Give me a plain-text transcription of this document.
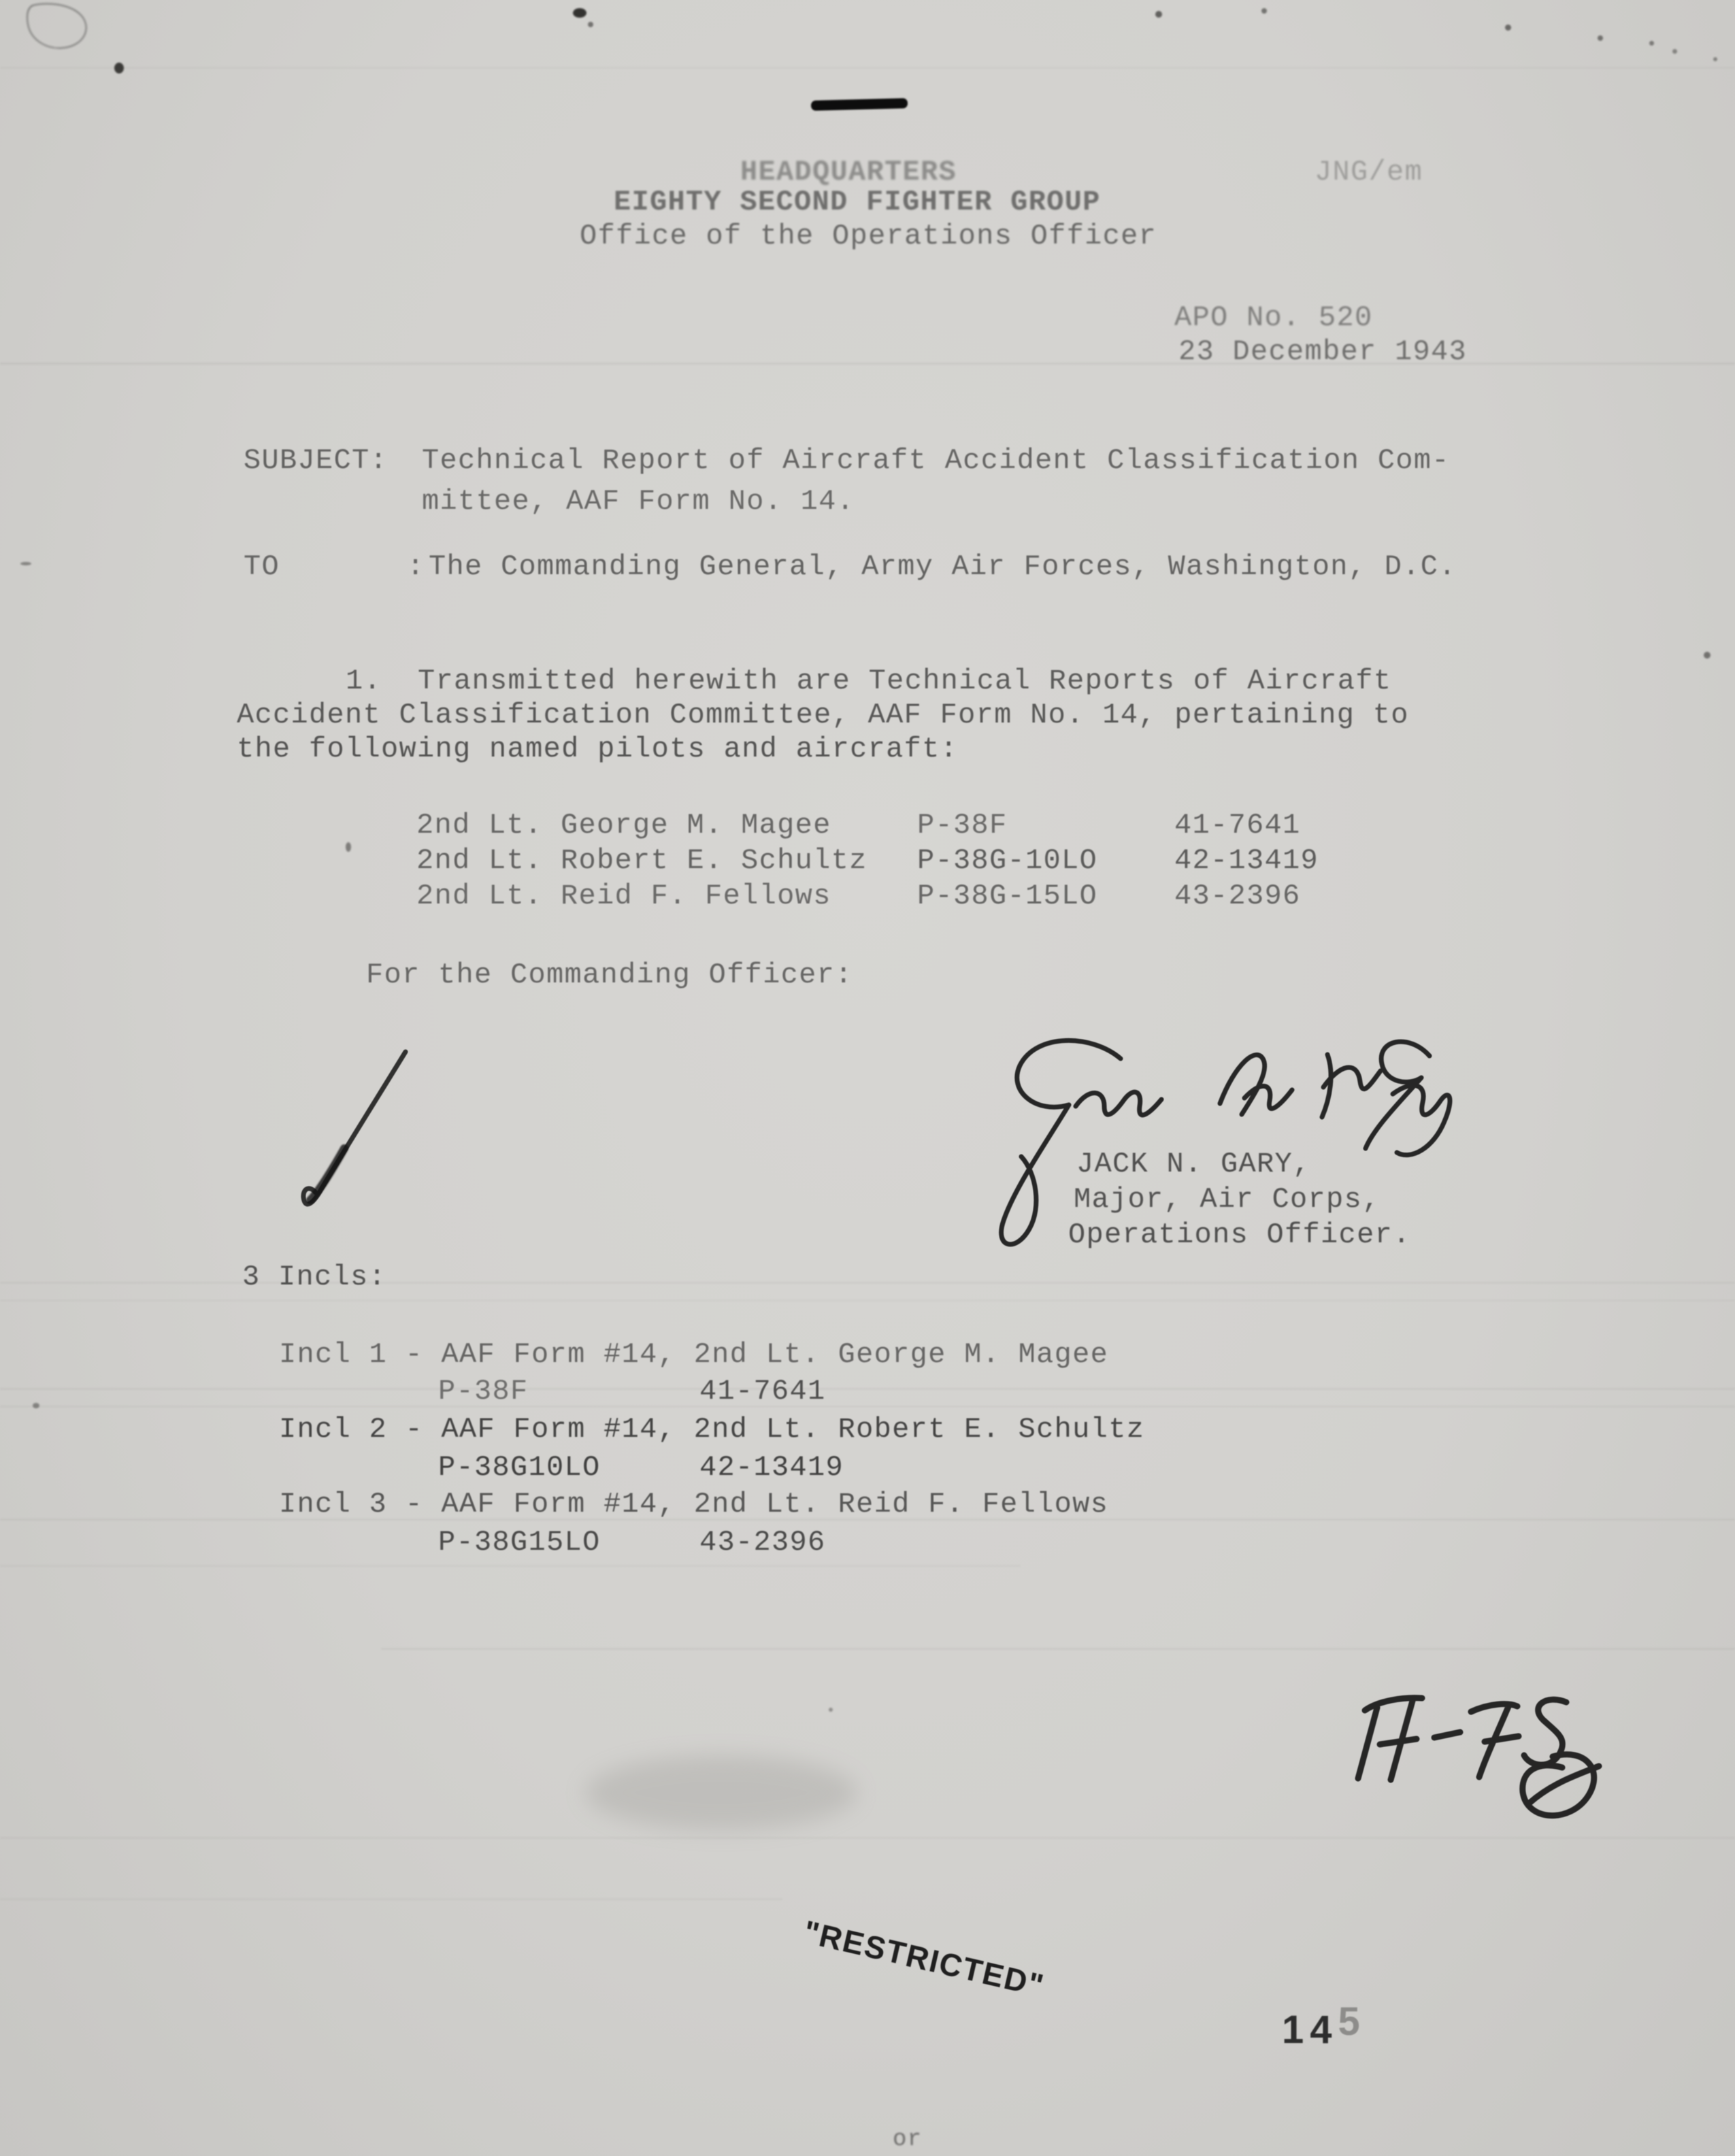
HEADQUARTERS
EIGHTY SECOND FIGHTER GROUP
Office of the Operations Officer
JNG/em
APO No. 520
23 December 1943
SUBJECT: Technical Report of Aircraft Accident Classification Com-
mittee, AAF Form No. 14.
TO	: The Commanding General, Army Air Forces, Washington, D.C.
1.  Transmitted herewith are Technical Reports of Aircraft
Accident Classification Committee, AAF Form No. 14, pertaining to
the following named pilots and aircraft:
2nd Lt. George M. Magee	P-38F	41-7641
2nd Lt. Robert E. Schultz P-38G-10LO	42-13419
2nd Lt. Reid F. Fellows	P-38G-15LO	43-2396
For the Commanding Officer:
JACK N. GARY,
Major, Air Corps,
Operations Officer.
3 Incls:
Incl 1 - AAF Form #14, 2nd Lt. George M. Magee
P-38F	41-7641
Incl 2 - AAF Form #14, 2nd Lt. Robert E. Schultz
P-38G10LO	42-13419
Incl 3 - AAF Form #14, 2nd Lt. Reid F. Fellows
P-38G15LO	43-2396
"RESTRICTED"
145
or
